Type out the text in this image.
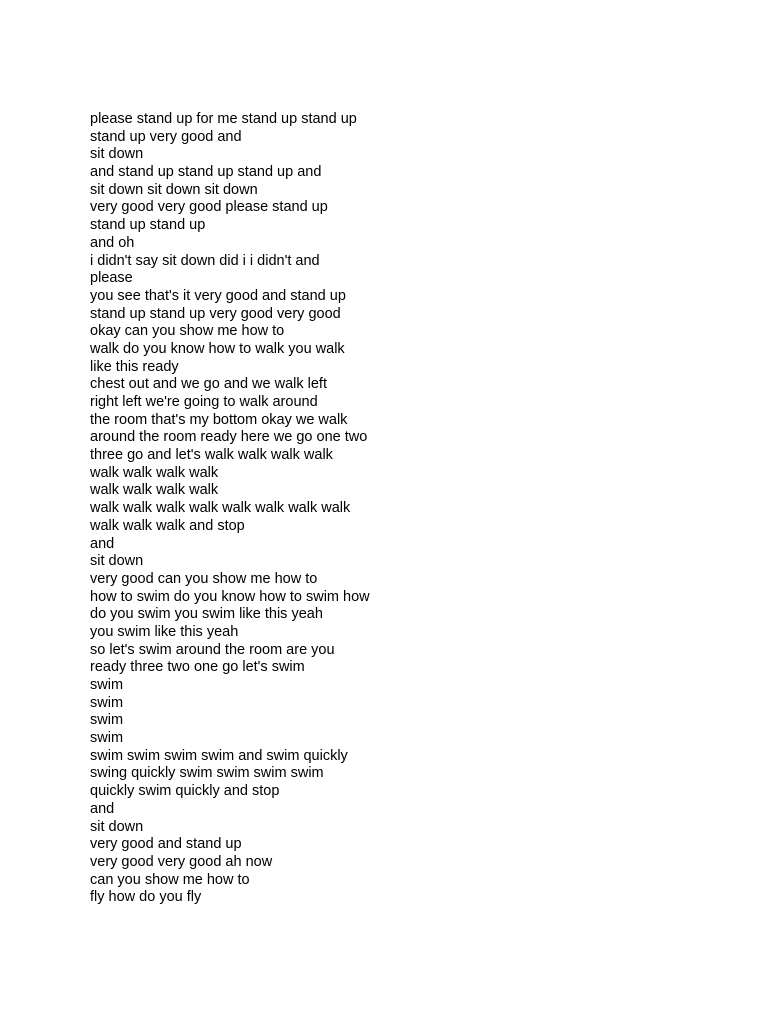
please stand up for me stand up stand up
stand up very good and
sit down
and stand up stand up stand up and
sit down sit down sit down
very good very good please stand up
stand up stand up
and oh
i didn't say sit down did i i didn't and
please
you see that's it very good and stand up
stand up stand up very good very good
okay can you show me how to
walk do you know how to walk you walk
like this ready
chest out and we go and we walk left
right left we're going to walk around
the room that's my bottom okay we walk
around the room ready here we go one two
three go and let's walk walk walk walk
walk walk walk walk
walk walk walk walk
walk walk walk walk walk walk walk walk
walk walk walk and stop
and
sit down
very good can you show me how to
how to swim do you know how to swim how
do you swim you swim like this yeah
you swim like this yeah
so let's swim around the room are you
ready three two one go let's swim
swim
swim
swim
swim
swim swim swim swim and swim quickly
swing quickly swim swim swim swim
quickly swim quickly and stop
and
sit down
very good and stand up
very good very good ah now
can you show me how to
fly how do you fly
